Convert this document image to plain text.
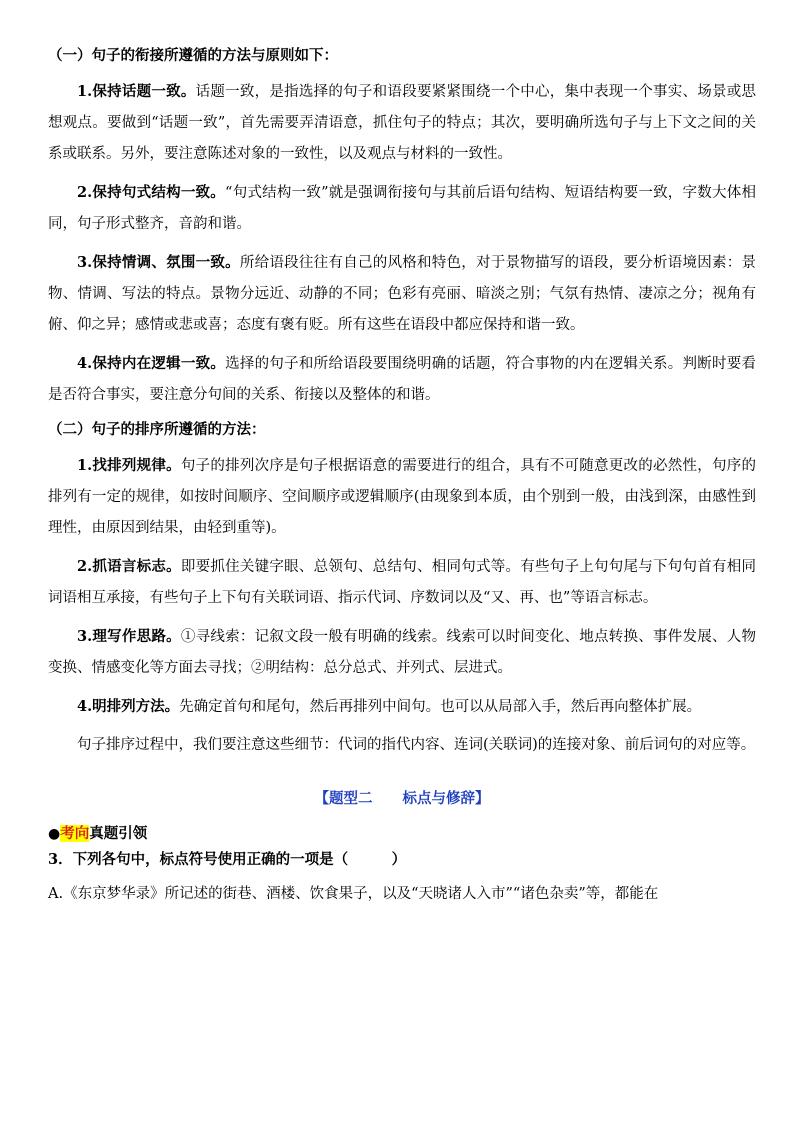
（一）句子的衔接所遵循的方法与原则如下：

1.保持话题一致。话题一致，是指选择的句子和语段要紧紧围绕一个中心，集中表现一个事实、场景或思想观点。要做到“话题一致”，首先需要弄清语意，抓住句子的特点；其次，要明确所选句子与上下文之间的关系或联系。另外，要注意陈述对象的一致性，以及观点与材料的一致性。

2.保持句式结构一致。“句式结构一致”就是强调衔接句与其前后语句结构、短语结构要一致，字数大体相同，句子形式整齐，音韵和谐。

3.保持情调、氛围一致。所给语段往往有自己的风格和特色，对于景物描写的语段，要分析语境因素：景物、情调、写法的特点。景物分远近、动静的不同；色彩有亮丽、暗淡之别；气氛有热情、凄凉之分；视角有俯、仰之异；感情或悲或喜；态度有褒有贬。所有这些在语段中都应保持和谐一致。

4.保持内在逻辑一致。选择的句子和所给语段要围绕明确的话题，符合事物的内在逻辑关系。判断时要看是否符合事实，要注意分句间的关系、衔接以及整体的和谐。

（二）句子的排序所遵循的方法：

1.找排列规律。句子的排列次序是句子根据语意的需要进行的组合，具有不可随意更改的必然性，句序的排列有一定的规律，如按时间顺序、空间顺序或逻辑顺序(由现象到本质，由个别到一般，由浅到深，由感性到理性，由原因到结果，由轻到重等)。

2.抓语言标志。即要抓住关键字眼、总领句、总结句、相同句式等。有些句子上句句尾与下句句首有相同词语相互承接，有些句子上下句有关联词语、指示代词、序数词以及“又、再、也”等语言标志。

3.理写作思路。①寻线索：记叙文段一般有明确的线索。线索可以时间变化、地点转换、事件发展、人物变换、情感变化等方面去寻找；②明结构：总分总式、并列式、层进式。

4.明排列方法。先确定首句和尾句，然后再排列中间句。也可以从局部入手，然后再向整体扩展。

句子排序过程中，我们要注意这些细节：代词的指代内容、连词(关联词)的连接对象、前后词句的对应等。

【题型二 标点与修辞】
●考向真题引领
3．下列各句中，标点符号使用正确的一项是（　　　）
A.《东京梦华录》所记述的街巷、酒楼、饮食果子，以及“天晓诸人入市”“诸色杂卖”等，都能在
